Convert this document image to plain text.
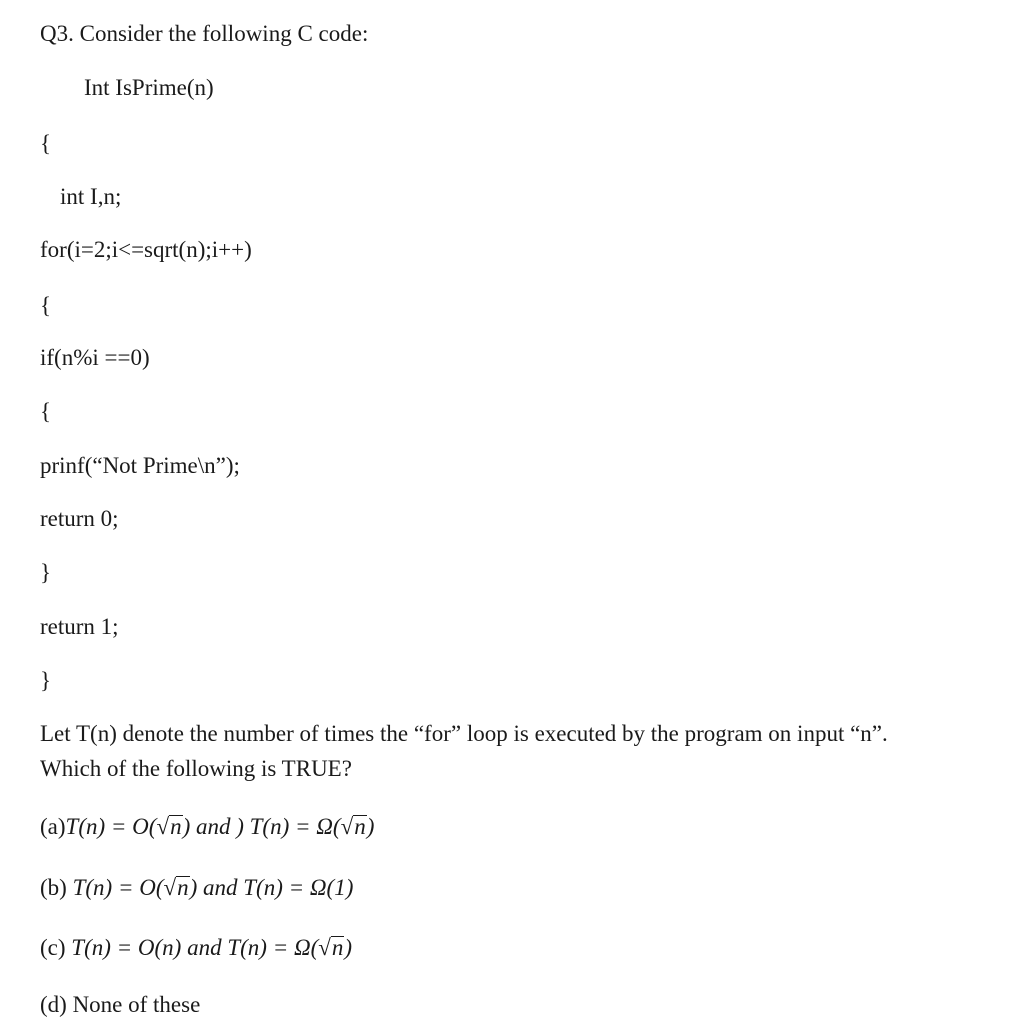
Q3. Consider the following C code:
Int IsPrime(n)
{
int I,n;
for(i=2;i<=sqrt(n);i++)
{
if(n%i ==0)
{
prinf(“Not Prime\n”);
return 0;
}
return 1;
}
Let T(n) denote the number of times the “for” loop is executed by the program on input “n”.
Which of the following is TRUE?
(a)T(n) = O(√n) and ) T(n) = Ω(√n)
(b) T(n) = O(√n) and T(n) = Ω(1)
(c) T(n) = O(n) and T(n) = Ω(√n)
(d) None of these
